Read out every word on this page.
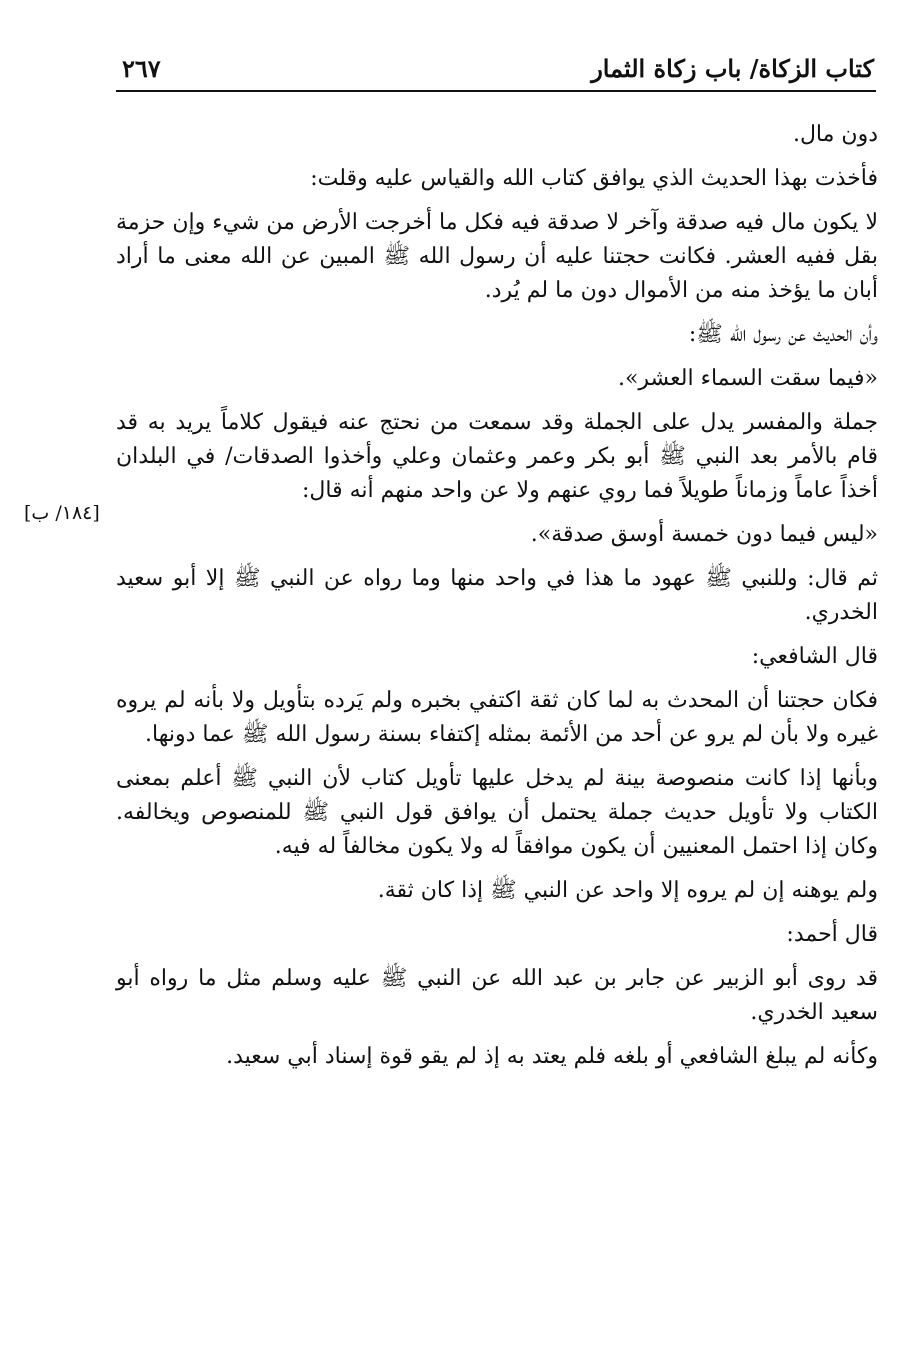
كتاب الزكاة/ باب زكاة الثمار
٢٦٧
[١٨٤/ ب]

دون مال.

فأخذت بهذا الحديث الذي يوافق كتاب الله والقياس عليه وقلت:

لا يكون مال فيه صدقة وآخر لا صدقة فيه فكل ما أخرجت الأرض من شيء وإن حزمة بقل ففيه العشر. فكانت حجتنا عليه أن رسول الله ﷺ المبين عن الله معنى ما أراد أبان ما يؤخذ منه من الأموال دون ما لم يُرد.

وأن الحديث عن رسول الله ﷺ:

«فيما سقت السماء العشر».

جملة والمفسر يدل على الجملة وقد سمعت من نحتج عنه فيقول كلاماً يريد به قد قام بالأمر بعد النبي ﷺ أبو بكر وعمر وعثمان وعلي وأخذوا الصدقات/ في البلدان أخذاً عاماً وزماناً طويلاً فما روي عنهم ولا عن واحد منهم أنه قال:

«ليس فيما دون خمسة أوسق صدقة».

ثم قال: وللنبي ﷺ عهود ما هذا في واحد منها وما رواه عن النبي ﷺ إلا أبو سعيد الخدري.

قال الشافعي:

فكان حجتنا أن المحدث به لما كان ثقة اكتفي بخبره ولم يَرده بتأويل ولا بأنه لم يروه غيره ولا بأن لم يرو عن أحد من الأئمة بمثله إكتفاء بسنة رسول الله ﷺ عما دونها.

وبأنها إذا كانت منصوصة بينة لم يدخل عليها تأويل كتاب لأن النبي ﷺ أعلم بمعنى الكتاب ولا تأويل حديث جملة يحتمل أن يوافق قول النبي ﷺ للمنصوص ويخالفه. وكان إذا احتمل المعنيين أن يكون موافقاً له ولا يكون مخالفاً له فيه.

ولم يوهنه إن لم يروه إلا واحد عن النبي ﷺ إذا كان ثقة.

قال أحمد:

قد روى أبو الزبير عن جابر بن عبد الله عن النبي ﷺ عليه وسلم مثل ما رواه أبو سعيد الخدري.

وكأنه لم يبلغ الشافعي أو بلغه فلم يعتد به إذ لم يقو قوة إسناد أبي سعيد.
